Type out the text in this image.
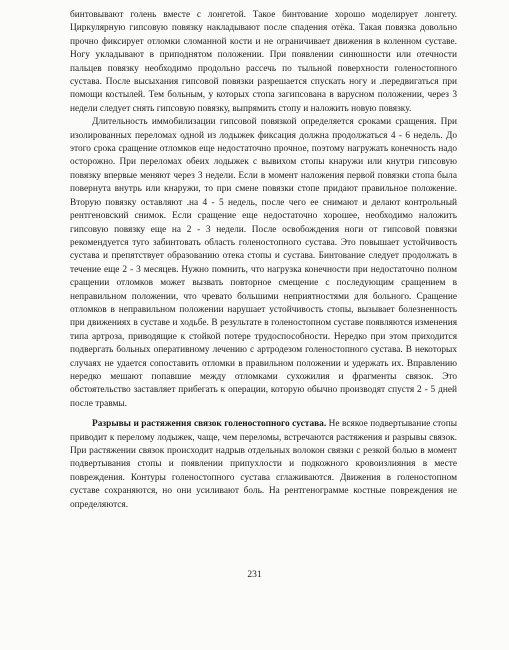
бинтовывают голень вместе с лонгетой. Такое бинтование хорошо моделирует лонгету. Циркулярную гипсовую повязку накладывают после спадения отёка. Такая повязка довольно прочно фиксирует отломки сломанной кости и не ограничивает движения в коленном суставе. Ногу укладывают в приподнятом положении. При появлении синюшности или отечности пальцев повязку необходимо продольно рассечь по тыльной поверхности голеностопного сустава. После высыхания гипсовой повязки разрешается спускать ногу и .передвигаться при помощи костылей. Тем больным, у которых стопа загипсована в варусном положении, через 3 недели следует снять гипсовую повязку, выпрямить стопу и наложить новую повязку.

Длительность иммобилизации гипсовой повязкой определяется сроками сращения. При изолированных переломах одной из лодыжек фиксация должна продолжаться 4 - 6 недель. До этого срока сращение отломков еще недостаточно прочное, поэтому нагружать конечность надо осторожно. При переломах обеих лодыжек с вывихом стопы кнаружи или кнутри гипсовую повязку впервые меняют через 3 недели. Если в момент наложения первой повязки стопа была повернута внутрь или кнаружи, то при смене повязки стопе придают правильное положение. Вторую повязку оставляют .на 4 - 5 недель, после чего ее снимают и делают контрольный рентгеновский снимок. Если сращение еще недостаточно хорошее, необходимо наложить гипсовую повязку еще на 2 - 3 недели. После освобождения ноги от гипсовой повязки рекомендуется туго забинтовать область голеностопного сустава. Это повышает устойчивость сустава и препятствует образованию отека стопы и сустава. Бинтование следует продолжать в течение еще 2 - 3 месяцев. Нужно помнить, что нагрузка конечности при недостаточно полном сращении отломков может вызвать повторное смещение с последующим сращением в неправильном положении, что чревато большими неприятностями для больного. Сращение отломков в неправильном положении нарушает устойчивость стопы, вызывает болезненность при движениях в суставе и ходьбе. В результате в голеностопном суставе появляются изменения типа артроза, приводящие к стойкой потере трудоспособности. Нередко при этом приходится подвергать больных оперативному лечению с артродезом голеностопного сустава. В некоторых случаях не удается сопоставить отломки в правильном положении и удержать их. Вправлению нередко мешают попавшие между отломками сухожилия и фрагменты связок. Это обстоятельство заставляет прибегать к операции, которую обычно производят спустя 2 - 5 дней после травмы.

Разрывы и растяжения связок голеностопного сустава. Не всякое подвертывание стопы приводит к перелому лодыжек, чаще, чем переломы, встречаются растяжения и разрывы связок. При растяжении связок происходит надрыв отдельных волокон связки с резкой болью в момент подвертывания стопы и появлении припухлости и подкожного кровоизлияния в месте повреждения. Контуры голеностопного сустава сглаживаются. Движения в голеностопном суставе сохраняются, но они усиливают боль. На рентгенограмме костные повреждения не определяются.

231
